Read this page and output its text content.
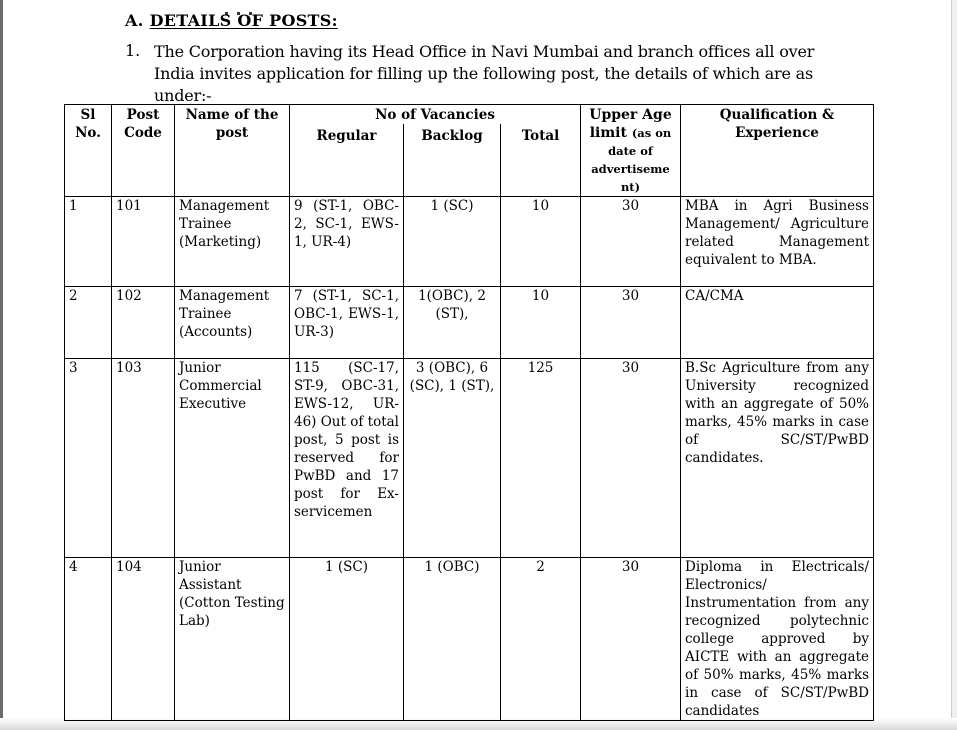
A. DETAILS OF POSTS:
1. The Corporation having its Head Office in Navi Mumbai and branch offices all over India invites application for filling up the following post, the details of which are as under:-
Sl No.	Post Code	Name of the post	No of Vacancies			Upper Age limit (as on date of advertiseme nt)	Qualification & Experience
			Regular	Backlog	Total		
1	101	Management Trainee (Marketing)	9 (ST-1, OBC-2, SC-1, EWS-1, UR-4)	1 (SC)	10	30	MBA in Agri Business Management/ Agriculture related Management equivalent to MBA.
2	102	Management Trainee (Accounts)	7 (ST-1, SC-1, OBC-1, EWS-1, UR-3)	1(OBC), 2 (ST),	10	30	CA/CMA
3	103	Junior Commercial Executive	115 (SC-17, ST-9, OBC-31, EWS-12, UR-46) Out of total post, 5 post is reserved for PwBD and 17 post for Ex-servicemen	3 (OBC), 6 (SC), 1 (ST),	125	30	B.Sc Agriculture from any University recognized with an aggregate of 50% marks, 45% marks in case of SC/ST/PwBD candidates.
4	104	Junior Assistant (Cotton Testing Lab)	1 (SC)	1 (OBC)	2	30	Diploma in Electricals/ Electronics/ Instrumentation from any recognized polytechnic college approved by AICTE with an aggregate of 50% marks, 45% marks in case of SC/ST/PwBD candidates
